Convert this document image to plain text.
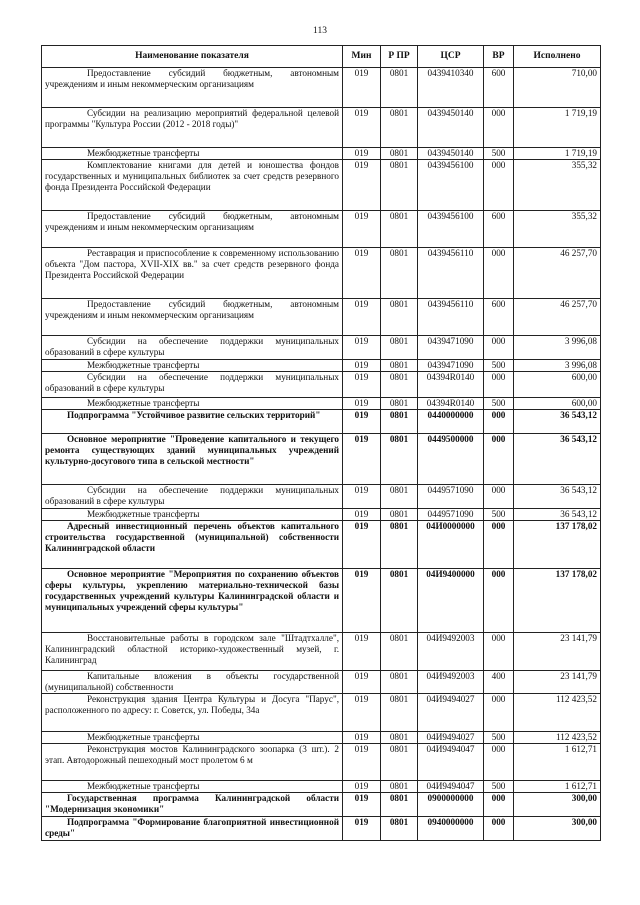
113
Наименование показателя	Мин	Р ПР	ЦСР	ВР	Исполнено
Предоставление субсидий бюджетным, автономным учреждениям и иным некоммерческим организациям	019	0801	0439410340	600	710,00
Субсидии на реализацию мероприятий федеральной целевой программы "Культура России (2012 - 2018 годы)"	019	0801	0439450140	000	1 719,19
Межбюджетные трансферты	019	0801	0439450140	500	1 719,19
Комплектование книгами для детей и юношества фондов государственных и муниципальных библиотек за счет средств резервного фонда Президента Российской Федерации	019	0801	0439456100	000	355,32
Предоставление субсидий бюджетным, автономным учреждениям и иным некоммерческим организациям	019	0801	0439456100	600	355,32
Реставрация и приспособление к современному использованию объекта "Дом пастора, XVII-XIX вв." за счет средств резервного фонда Президента Российской Федерации	019	0801	0439456110	000	46 257,70
Предоставление субсидий бюджетным, автономным учреждениям и иным некоммерческим организациям	019	0801	0439456110	600	46 257,70
Субсидии на обеспечение поддержки муниципальных образований в сфере культуры	019	0801	0439471090	000	3 996,08
Межбюджетные трансферты	019	0801	0439471090	500	3 996,08
Субсидии на обеспечение поддержки муниципальных образований в сфере культуры	019	0801	04394R0140	000	600,00
Межбюджетные трансферты	019	0801	04394R0140	500	600,00
Подпрограмма "Устойчивое развитие сельских территорий"	019	0801	0440000000	000	36 543,12
Основное мероприятие "Проведение капитального и текущего ремонта существующих зданий муниципальных учреждений культурно-досугового типа в сельской местности"	019	0801	0449500000	000	36 543,12
Субсидии на обеспечение поддержки муниципальных образований в сфере культуры	019	0801	0449571090	000	36 543,12
Межбюджетные трансферты	019	0801	0449571090	500	36 543,12
Адресный инвестиционный перечень объектов капитального строительства государственной (муниципальной) собственности Калининградской области	019	0801	04И0000000	000	137 178,02
Основное мероприятие "Мероприятия по сохранению объектов сферы культуры, укреплению материально-технической базы государственных учреждений культуры Калининградской области и муниципальных учреждений сферы культуры"	019	0801	04И9400000	000	137 178,02
Восстановительные работы в городском зале "Штадтхалле", Калининградский областной историко-художественный музей, г. Калининград	019	0801	04И9492003	000	23 141,79
Капитальные вложения в объекты государственной (муниципальной) собственности	019	0801	04И9492003	400	23 141,79
Реконструкция здания Центра Культуры и Досуга "Парус", расположенного по адресу: г. Советск, ул. Победы, 34а	019	0801	04И9494027	000	112 423,52
Межбюджетные трансферты	019	0801	04И9494027	500	112 423,52
Реконструкция мостов Калининградского зоопарка (3 шт.). 2 этап. Автодорожный пешеходный мост пролетом 6 м	019	0801	04И9494047	000	1 612,71
Межбюджетные трансферты	019	0801	04И9494047	500	1 612,71
Государственная программа Калининградской области "Модернизация экономики"	019	0801	0900000000	000	300,00
Подпрограмма "Формирование благоприятной инвестиционной среды"	019	0801	0940000000	000	300,00
